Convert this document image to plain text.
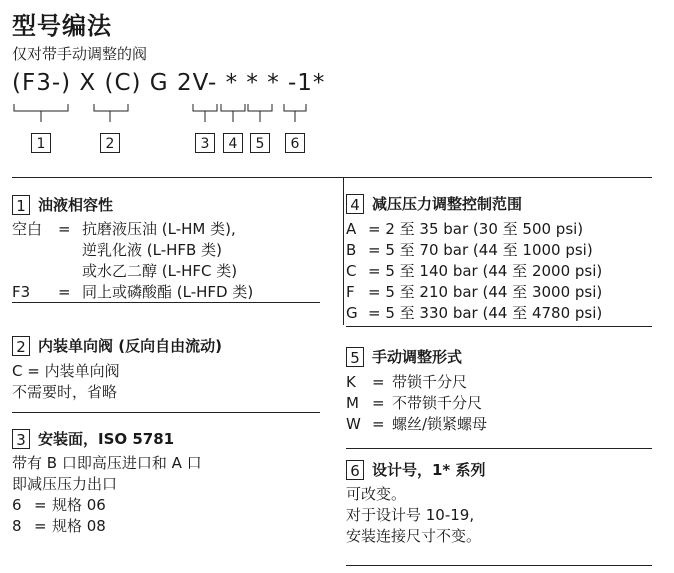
型号编法
仅对带手动调整的阀
(F3-) X (C) G 2V- * * * -1*
1	2	3	4	5	6
1 油液相容性
空白 = 抗磨液压油 (L-HM 类),
逆乳化液 (L-HFB 类)
或水乙二醇 (L-HFC 类)
F3 = 同上或磷酸酯 (L-HFD 类)
2 内装单向阀 (反向自由流动)
C = 内装单向阀
不需要时，省略
3 安装面，ISO 5781
带有 B 口即高压进口和 A 口
即减压压力出口
6 = 规格 06
8 = 规格 08
4 减压压力调整控制范围
A = 2 至 35 bar (30 至 500 psi)
B = 5 至 70 bar (44 至 1000 psi)
C = 5 至 140 bar (44 至 2000 psi)
F = 5 至 210 bar (44 至 3000 psi)
G = 5 至 330 bar (44 至 4780 psi)
5 手动调整形式
K = 带锁千分尺
M = 不带锁千分尺
W = 螺丝/锁紧螺母
6 设计号，1* 系列
可改变。
对于设计号 10-19,
安装连接尺寸不变。
